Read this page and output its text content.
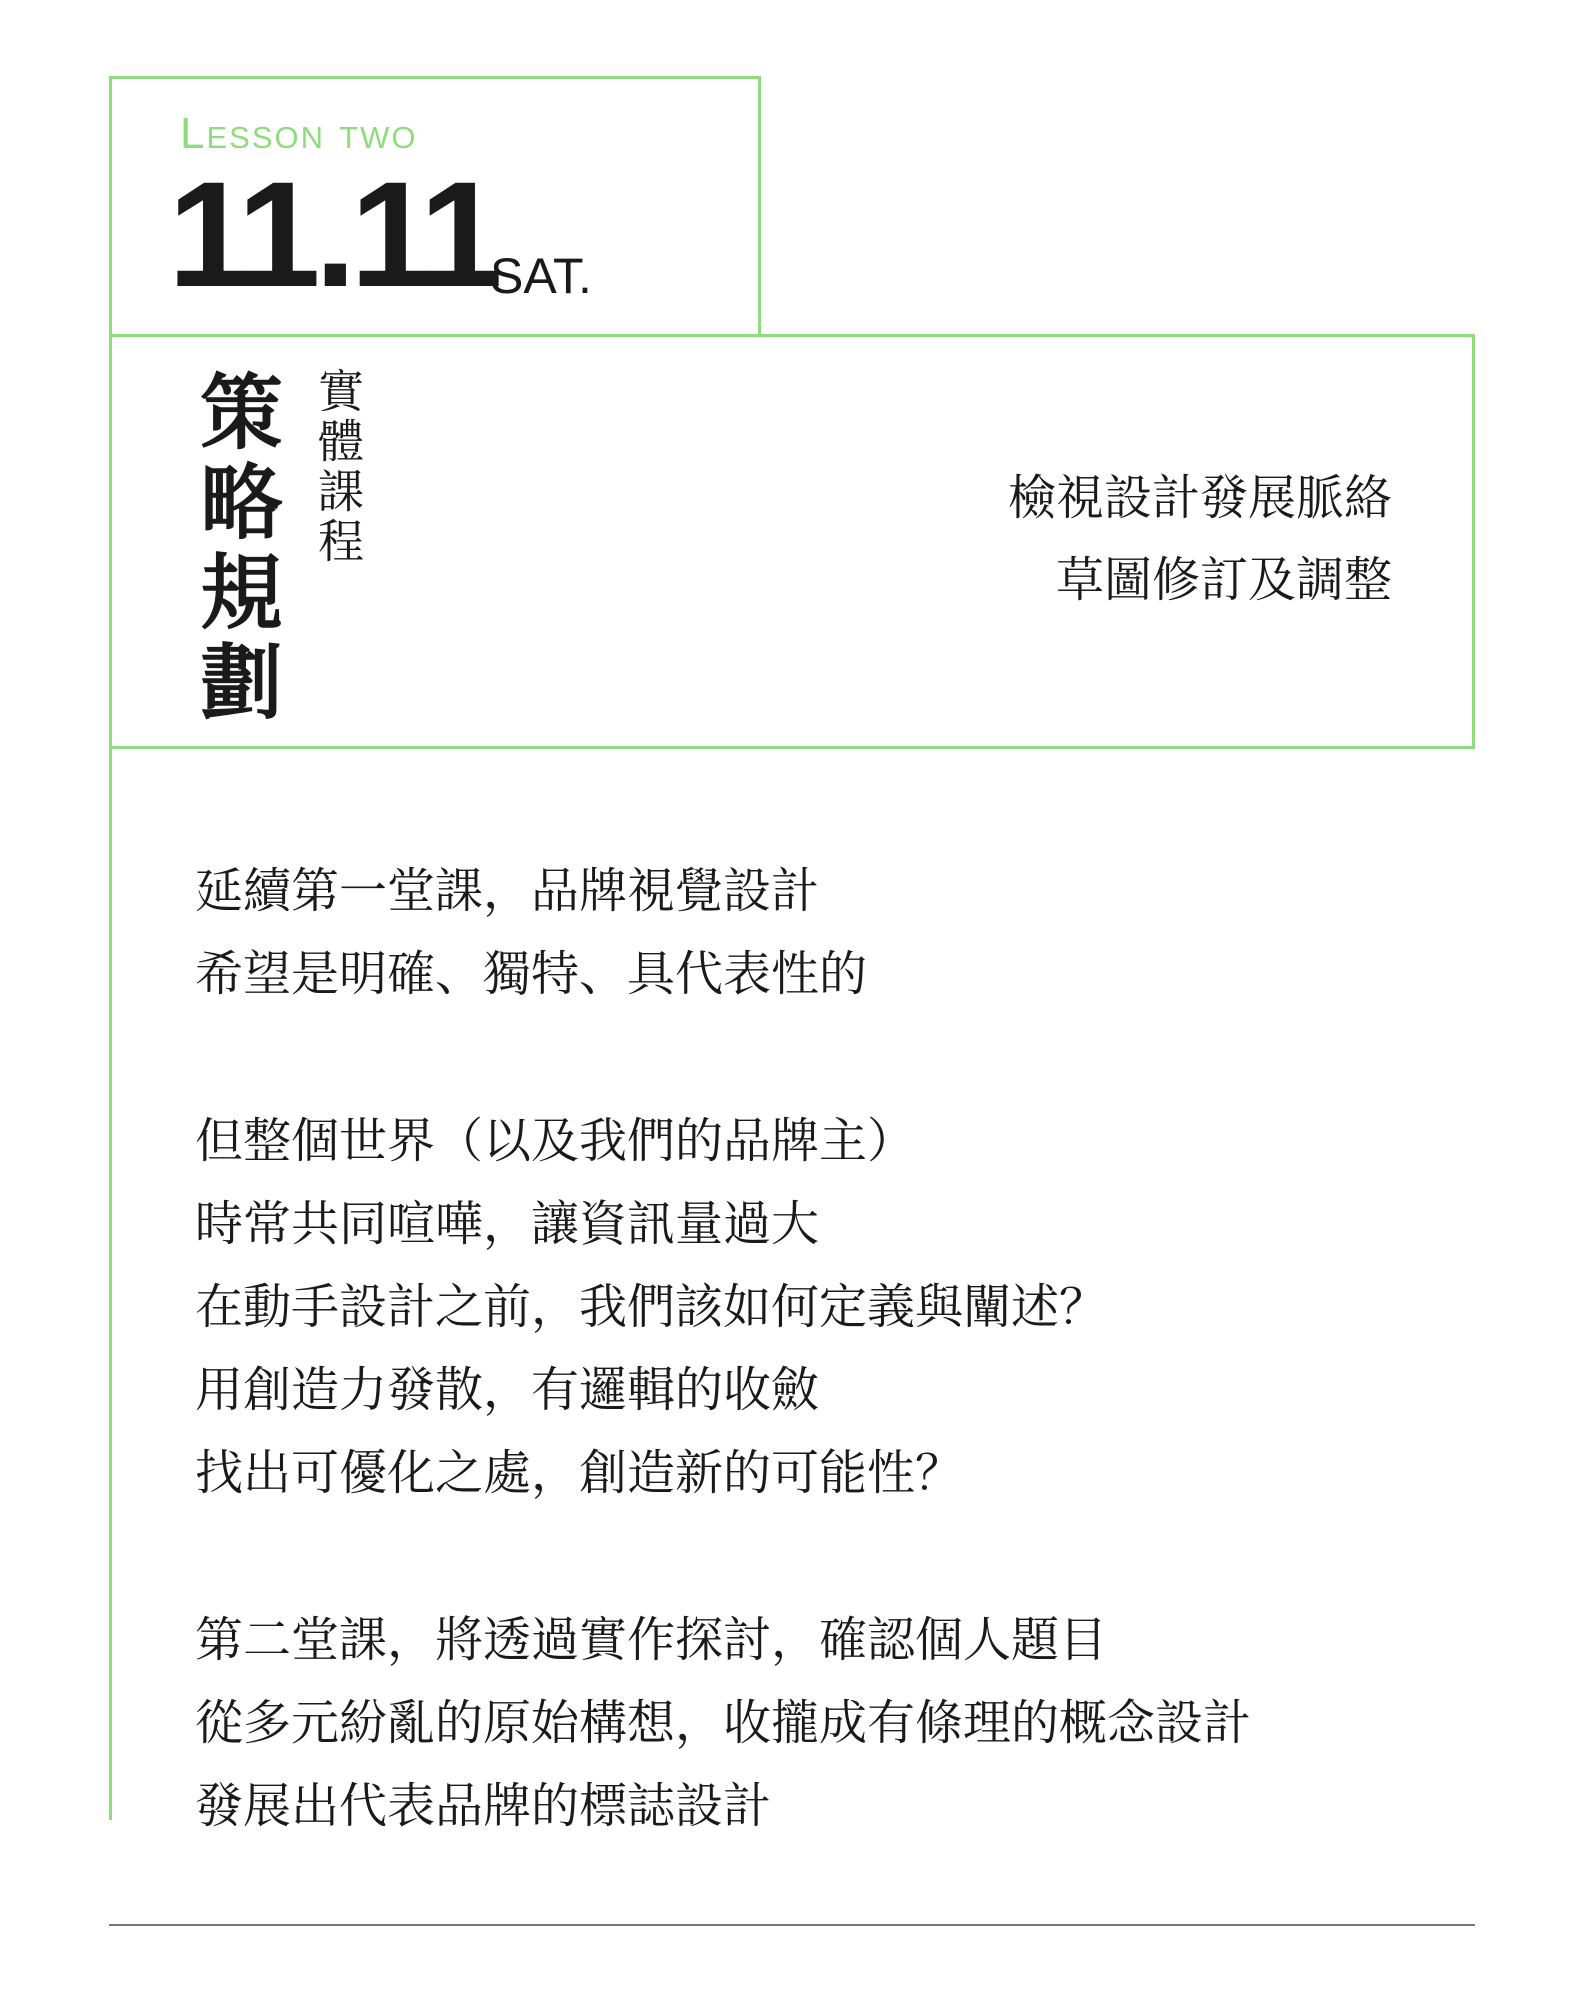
Lesson two
11.11
SAT.
策略規劃 實體課程	檢視設計發展脈絡
草圖修訂及調整
延續第一堂課，品牌視覺設計
希望是明確、獨特、具代表性的
但整個世界（以及我們的品牌主）
時常共同喧嘩，讓資訊量過大
在動手設計之前，我們該如何定義與闡述？
用創造力發散，有邏輯的收斂
找出可優化之處，創造新的可能性？
第二堂課，將透過實作探討，確認個人題目
從多元紛亂的原始構想，收攏成有條理的概念設計
發展出代表品牌的標誌設計
